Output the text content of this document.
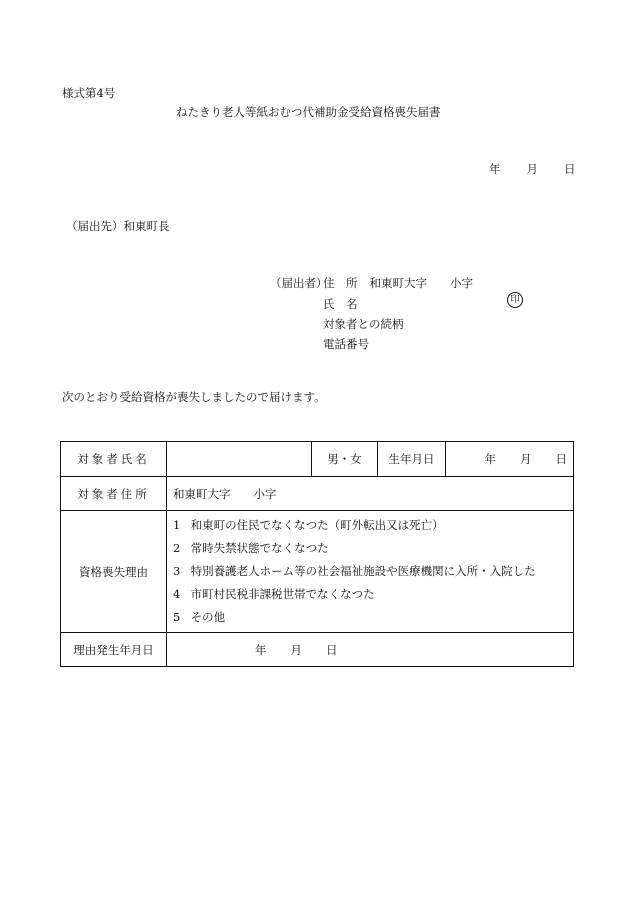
様式第4号
ねたきり老人等紙おむつ代補助金受給資格喪失届書
年 月 日
（届出先）和東町長
（届出者）
住　所 和東町大字　　小字
氏　名	印
対象者との続柄
電話番号
次のとおり受給資格が喪失しましたので届けます。
対象者氏名		男・女	生年月日	年 月 日
対象者住所	和東町大字　　小字			
資格喪失理由	1 和東町の住民でなくなつた（町外転出又は死亡）
2 常時失禁状態でなくなつた
3 特別養護老人ホーム等の社会福祉施設や医療機関に入所・入院した
4 市町村民税非課税世帯でなくなつた
5 その他			

理由発生年月日	年 月 日			
